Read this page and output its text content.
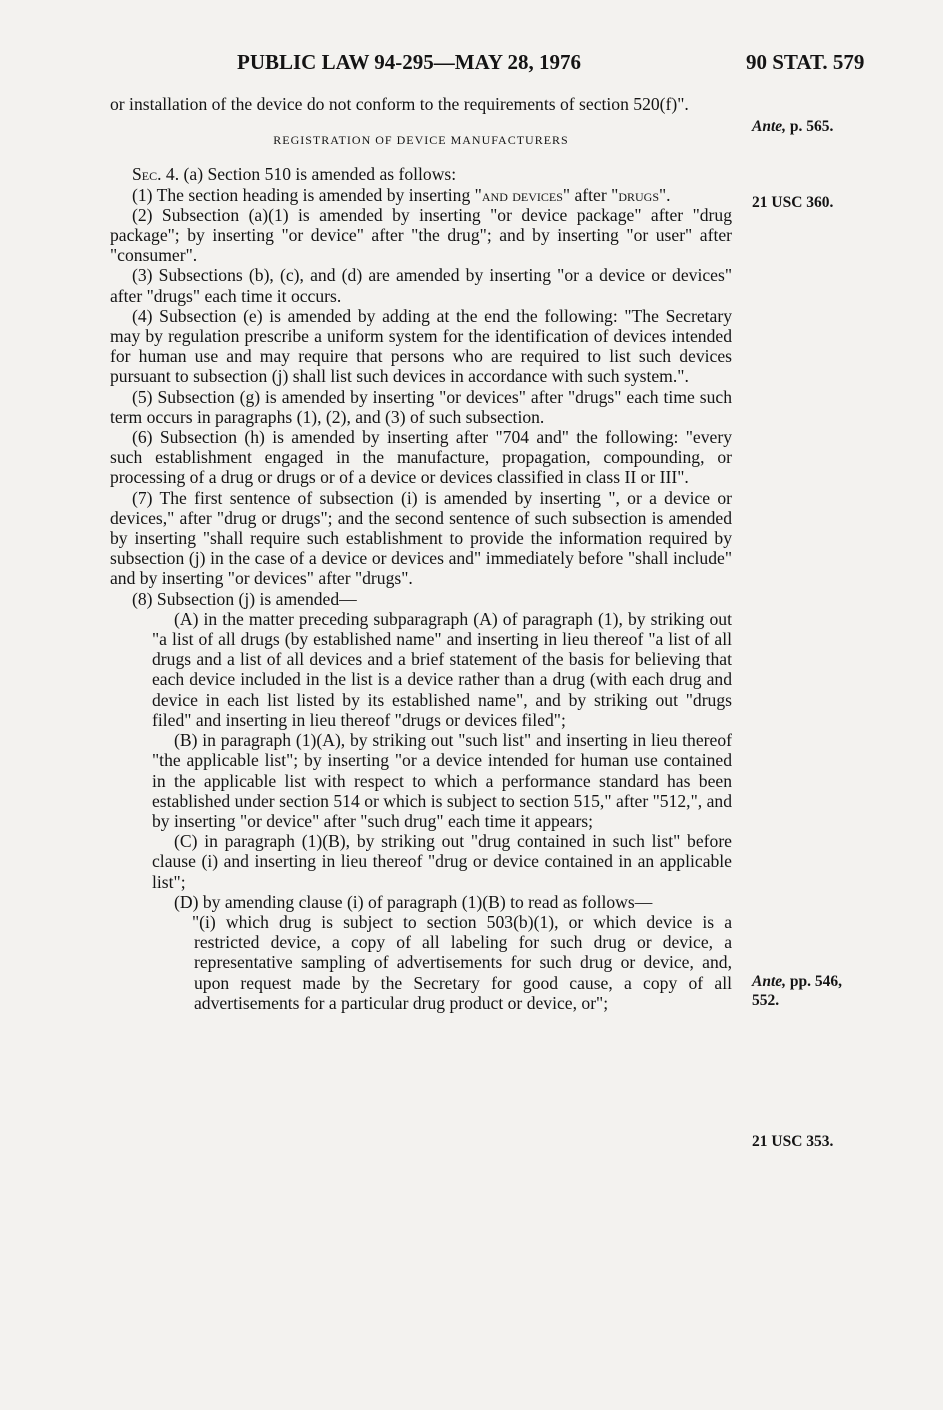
PUBLIC LAW 94-295—MAY 28, 1976	90 STAT. 579

or installation of the device do not conform to the requirements of section 520(f)".

REGISTRATION OF DEVICE MANUFACTURERS

Sec. 4. (a) Section 510 is amended as follows:

(1) The section heading is amended by inserting "and devices" after "drugs".

(2) Subsection (a)(1) is amended by inserting "or device package" after "drug package"; by inserting "or device" after "the drug"; and by inserting "or user" after "consumer".

(3) Subsections (b), (c), and (d) are amended by inserting "or a device or devices" after "drugs" each time it occurs.

(4) Subsection (e) is amended by adding at the end the following: "The Secretary may by regulation prescribe a uniform system for the identification of devices intended for human use and may require that persons who are required to list such devices pursuant to subsection (j) shall list such devices in accordance with such system.".

(5) Subsection (g) is amended by inserting "or devices" after "drugs" each time such term occurs in paragraphs (1), (2), and (3) of such subsection.

(6) Subsection (h) is amended by inserting after "704 and" the following: "every such establishment engaged in the manufacture, propagation, compounding, or processing of a drug or drugs or of a device or devices classified in class II or III".

(7) The first sentence of subsection (i) is amended by inserting ", or a device or devices," after "drug or drugs"; and the second sentence of such subsection is amended by inserting "shall require such establishment to provide the information required by subsection (j) in the case of a device or devices and" immediately before "shall include" and by inserting "or devices" after "drugs".

(8) Subsection (j) is amended—

(A) in the matter preceding subparagraph (A) of paragraph (1), by striking out "a list of all drugs (by established name" and inserting in lieu thereof "a list of all drugs and a list of all devices and a brief statement of the basis for believing that each device included in the list is a device rather than a drug (with each drug and device in each list listed by its established name", and by striking out "drugs filed" and inserting in lieu thereof "drugs or devices filed";

(B) in paragraph (1)(A), by striking out "such list" and inserting in lieu thereof "the applicable list"; by inserting "or a device intended for human use contained in the applicable list with respect to which a performance standard has been established under section 514 or which is subject to section 515," after "512,", and by inserting "or device" after "such drug" each time it appears;

(C) in paragraph (1)(B), by striking out "drug contained in such list" before clause (i) and inserting in lieu thereof "drug or device contained in an applicable list";

(D) by amending clause (i) of paragraph (1)(B) to read as follows—

"(i) which drug is subject to section 503(b)(1), or which device is a restricted device, a copy of all labeling for such drug or device, a representative sampling of advertisements for such drug or device, and, upon request made by the Secretary for good cause, a copy of all advertisements for a particular drug product or device, or";

Ante, p. 565.
21 USC 360.
Ante, pp. 546, 552.
21 USC 353.
